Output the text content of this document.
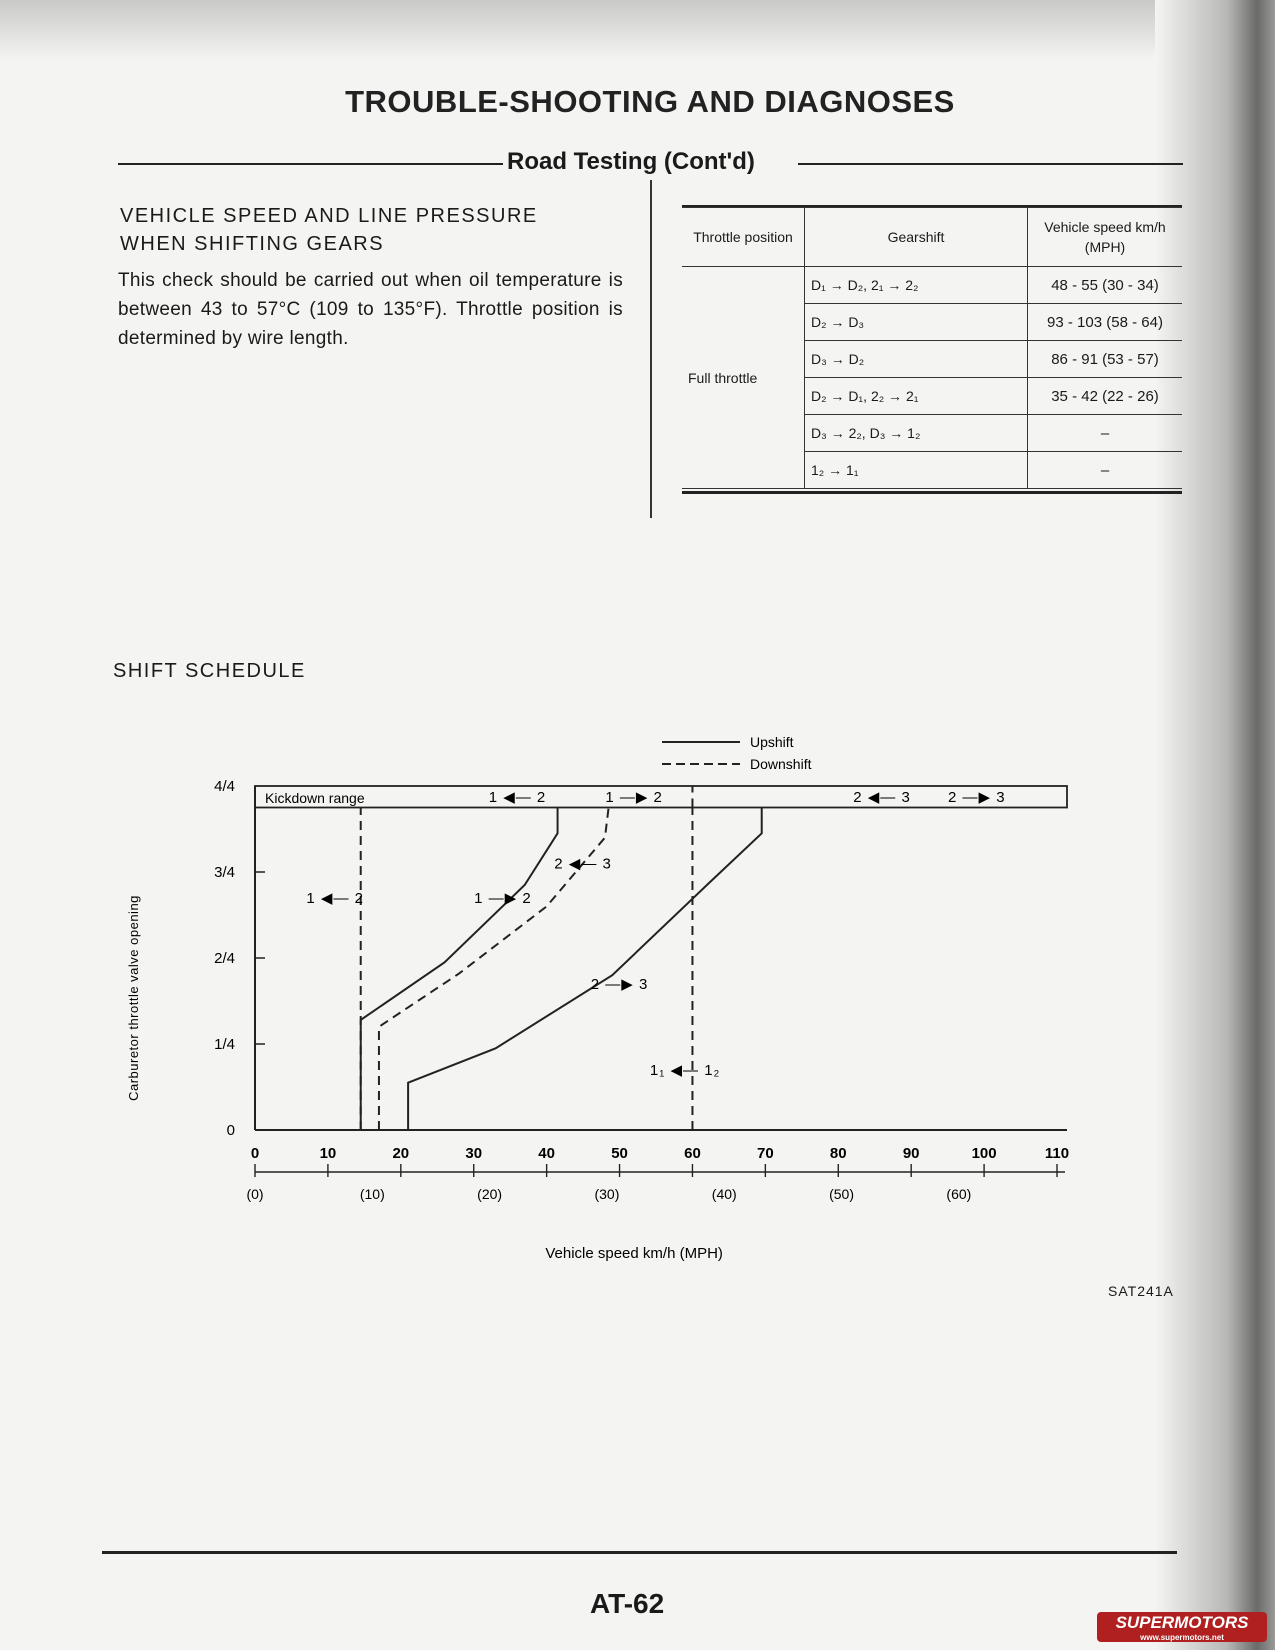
TROUBLE-SHOOTING AND DIAGNOSES
Road Testing (Cont'd)
VEHICLE SPEED AND LINE PRESSURE
WHEN SHIFTING GEARS
This check should be carried out when oil temperature is between 43 to 57°C (109 to 135°F). Throttle position is determined by wire length.
Throttle position	Gearshift	Vehicle speed km/h (MPH)
Full throttle	D₁ → D₂, 2₁ → 2₂	48 - 55 (30 - 34)
	D₂ → D₃	93 - 103 (58 - 64)
	D₃ → D₂	86 - 91 (53 - 57)
	D₂ → D₁, 2₂ → 2₁	35 - 42 (22 - 26)
	D₃ → 2₂, D₃ → 1₂	–
	1₂ → 1₁	–
SHIFT SCHEDULE
Kickdown range
0
1/4
2/4
3/4
4/4
Carburetor throttle valve opening
0	10	20	30	40	50	60	70	80	90	100	110
(0)	(10)	(20)	(30)	(40)	(50)	(60)
Vehicle speed km/h (MPH)
Upshift
Downshift
1 ◀— 2	1 —▶ 2
2 ◀— 3
2 —▶ 3
1₁ ◀— 1₂
1 ◀— 2	1 —▶ 2	2 ◀— 3 2 —▶ 3
SAT241A
AT-62
SUPERMOTORS
www.supermotors.net
